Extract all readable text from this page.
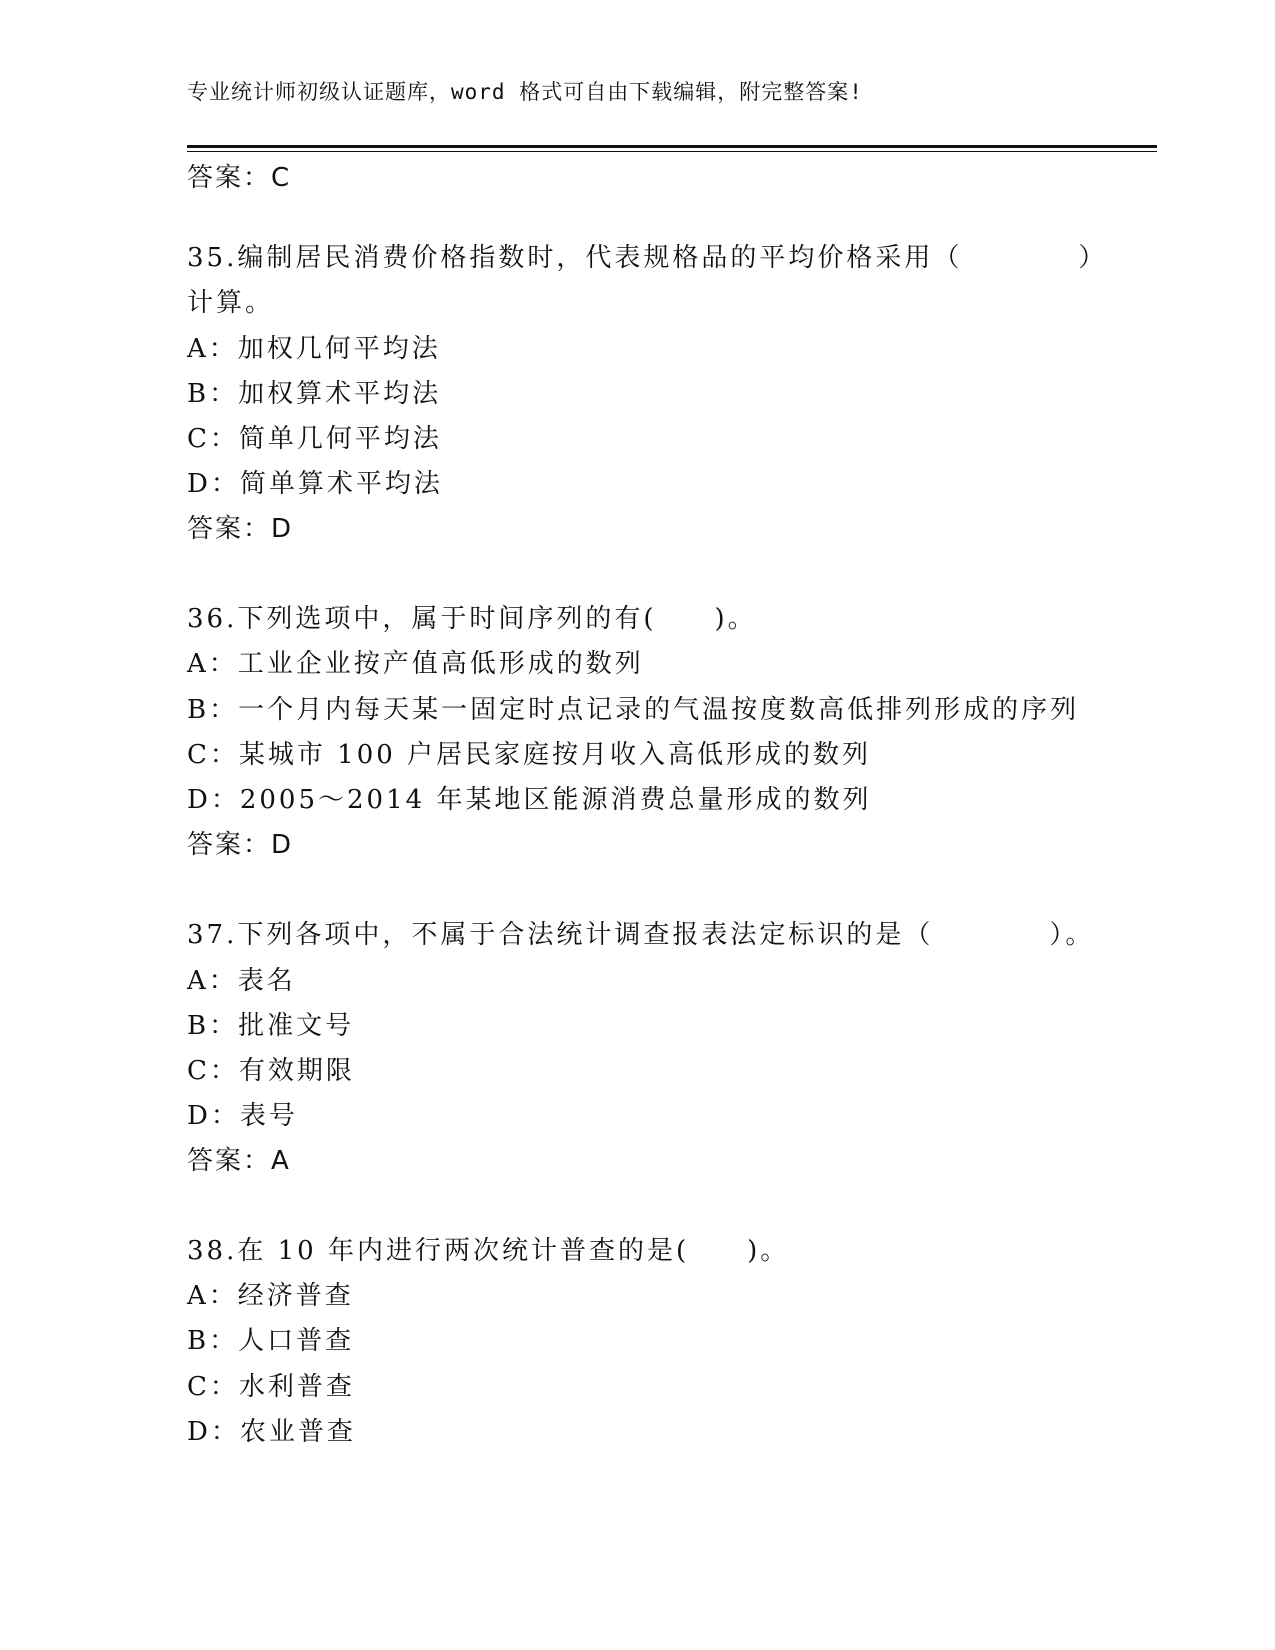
专业统计师初级认证题库，word 格式可自由下载编辑，附完整答案!
答案：C
35.编制居民消费价格指数时，代表规格品的平均价格采用（　　　　）
计算。
A：加权几何平均法
B：加权算术平均法
C：简单几何平均法
D：简单算术平均法
答案：D
36.下列选项中，属于时间序列的有(　　)。
A：工业企业按产值高低形成的数列
B：一个月内每天某一固定时点记录的气温按度数高低排列形成的序列
C：某城市 100 户居民家庭按月收入高低形成的数列
D：2005～2014 年某地区能源消费总量形成的数列
答案：D
37.下列各项中，不属于合法统计调查报表法定标识的是（　　　　）。
A：表名
B：批准文号
C：有效期限
D：表号
答案：A
38.在 10 年内进行两次统计普查的是(　　)。
A：经济普查
B：人口普查
C：水利普查
D：农业普查
